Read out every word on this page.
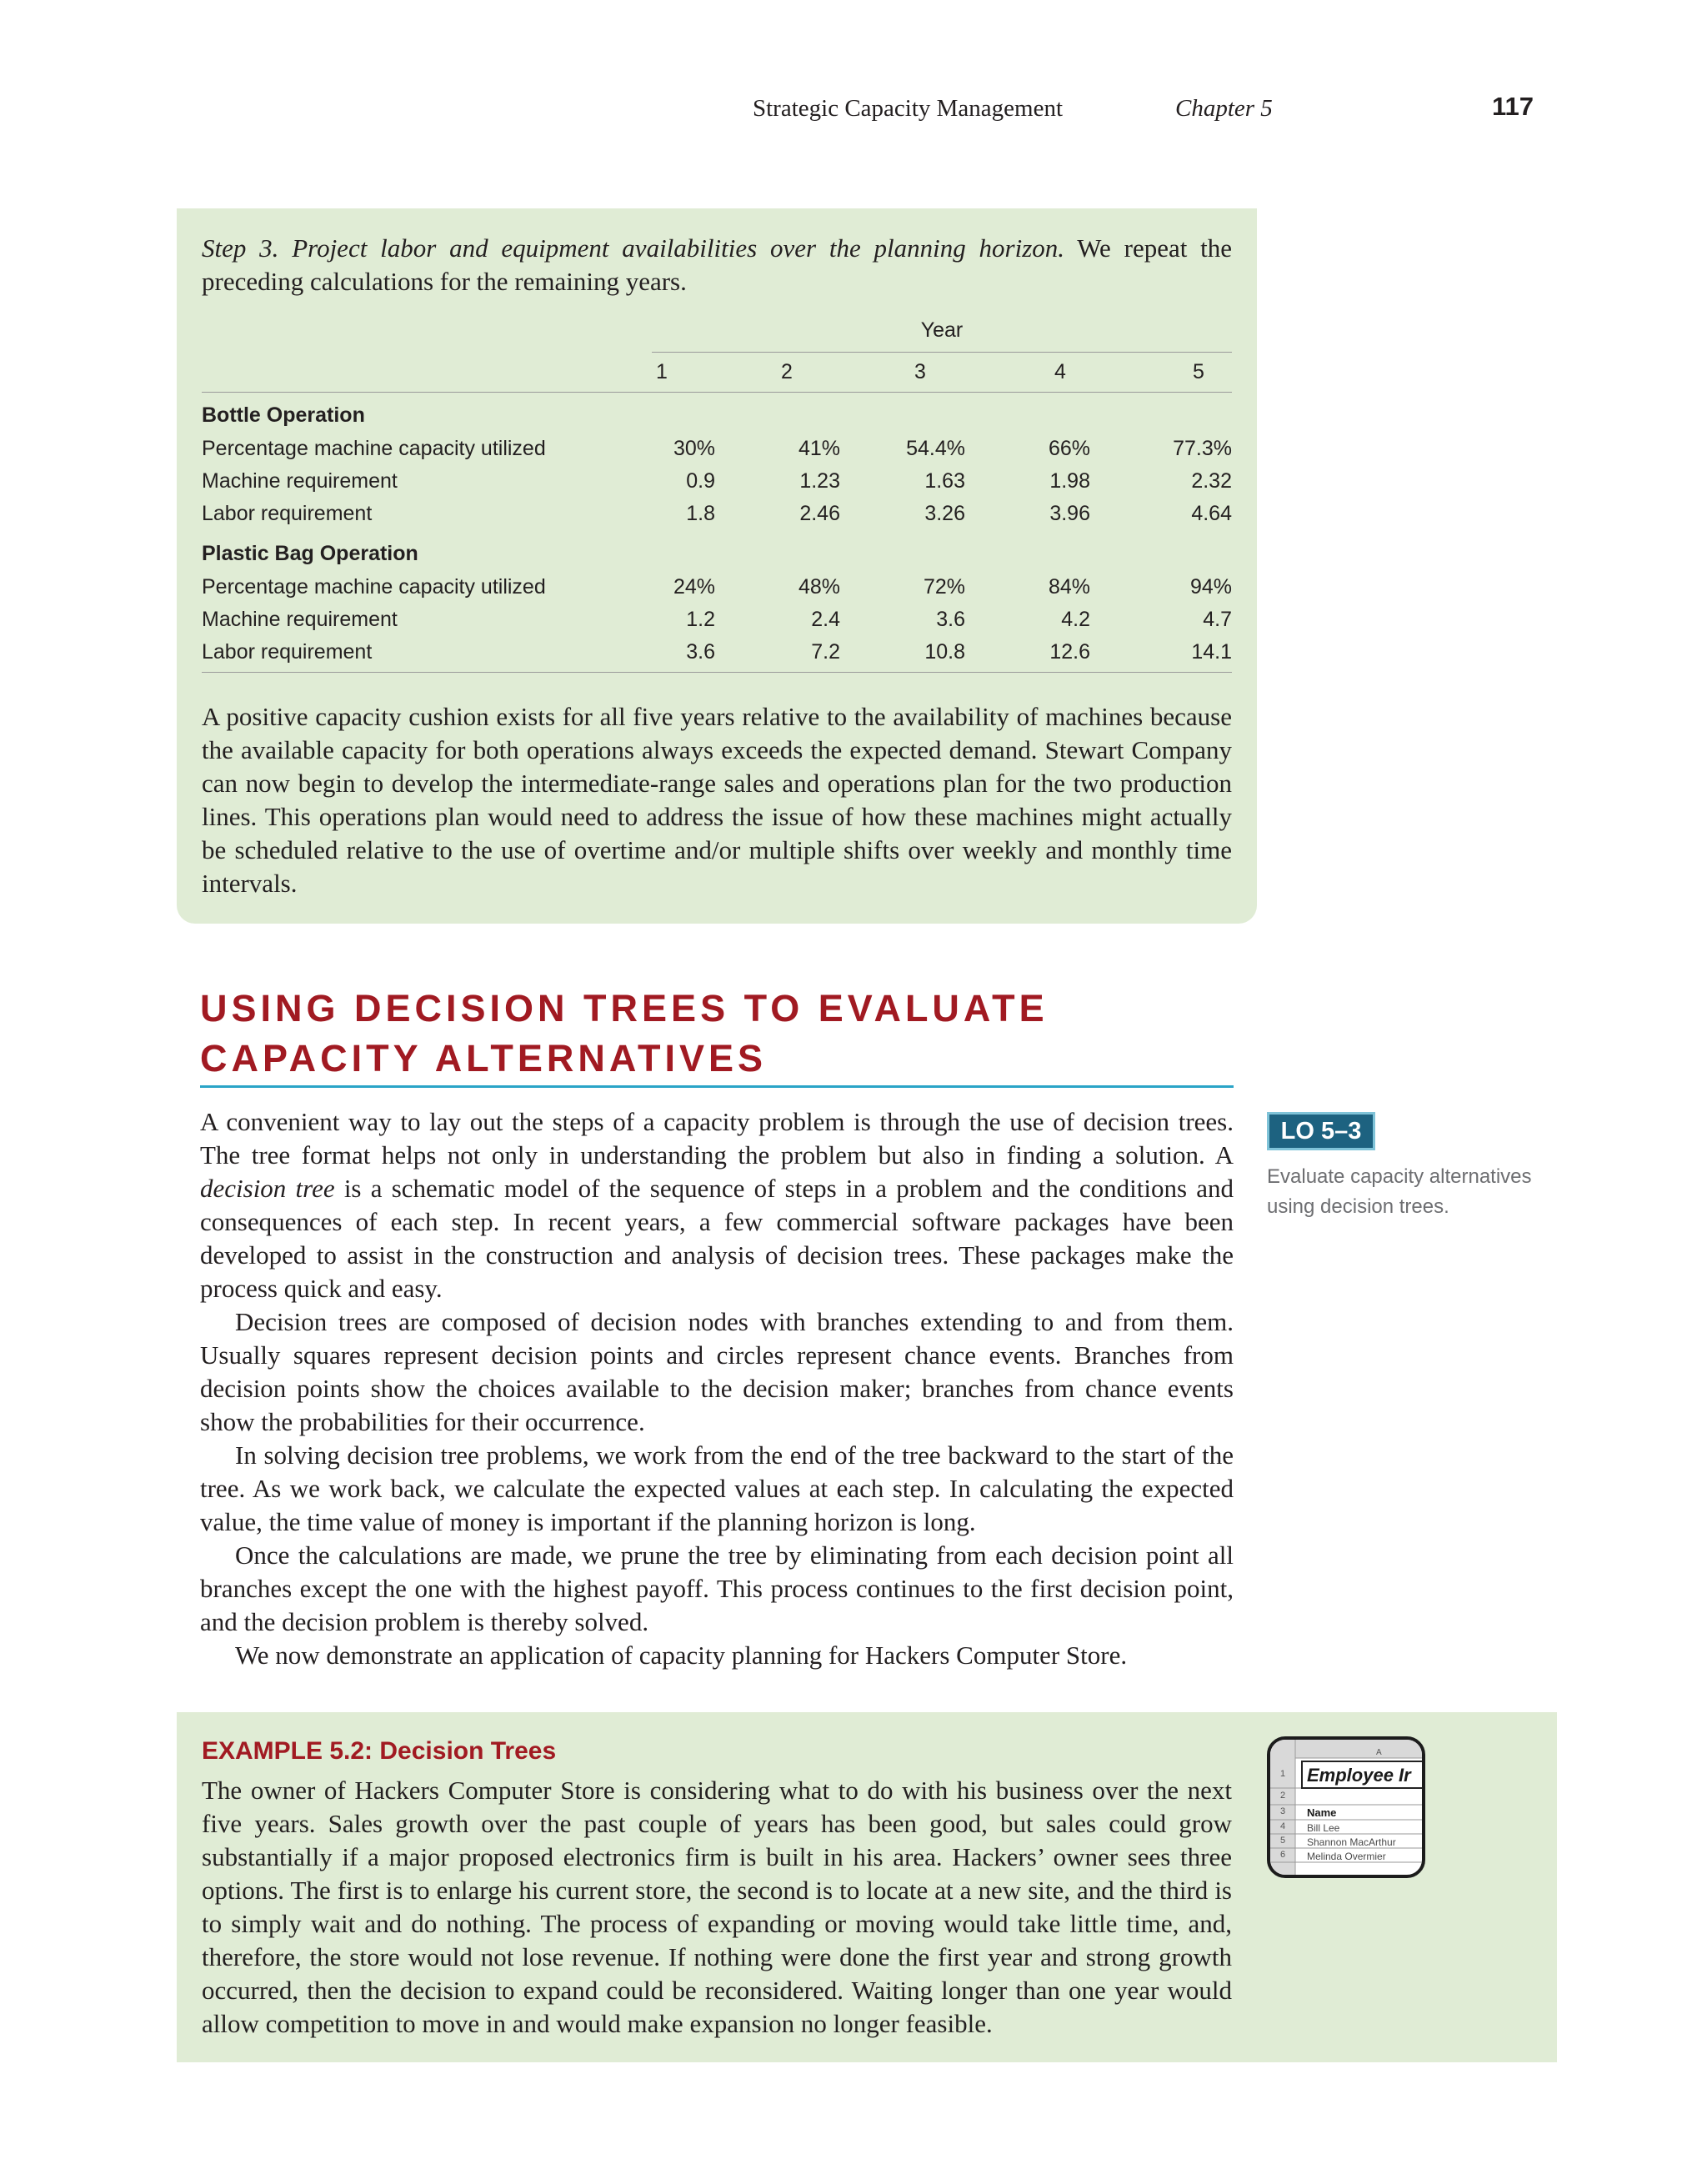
Strategic Capacity Management	Chapter 5	117

Step 3. Project labor and equipment availabilities over the planning horizon. We repeat the preceding calculations for the remaining years.

Year
1	2	3	4	5
Bottle Operation
Percentage machine capacity utilized	30%	41%	54.4%	66%	77.3%
Machine requirement	0.9	1.23	1.63	1.98	2.32
Labor requirement	1.8	2.46	3.26	3.96	4.64
Plastic Bag Operation
Percentage machine capacity utilized	24%	48%	72%	84%	94%
Machine requirement	1.2	2.4	3.6	4.2	4.7
Labor requirement	3.6	7.2	10.8	12.6	14.1

A positive capacity cushion exists for all five years relative to the availability of machines because the available capacity for both operations always exceeds the expected demand. Stewart Company can now begin to develop the intermediate-range sales and operations plan for the two production lines. This operations plan would need to address the issue of how these machines might actually be scheduled relative to the use of overtime and/or multiple shifts over weekly and monthly time intervals.

USING DECISION TREES TO EVALUATE
CAPACITY ALTERNATIVES

A convenient way to lay out the steps of a capacity problem is through the use of decision trees. The tree format helps not only in understanding the problem but also in finding a solution. A decision tree is a schematic model of the sequence of steps in a problem and the conditions and consequences of each step. In recent years, a few commercial software packages have been developed to assist in the construction and analysis of decision trees. These packages make the process quick and easy.

Decision trees are composed of decision nodes with branches extending to and from them. Usually squares represent decision points and circles represent chance events. Branches from decision points show the choices available to the decision maker; branches from chance events show the probabilities for their occurrence.

In solving decision tree problems, we work from the end of the tree backward to the start of the tree. As we work back, we calculate the expected values at each step. In calculating the expected value, the time value of money is important if the planning horizon is long.

Once the calculations are made, we prune the tree by eliminating from each decision point all branches except the one with the highest payoff. This process continues to the first decision point, and the decision problem is thereby solved.

We now demonstrate an application of capacity planning for Hackers Computer Store.

LO 5–3
Evaluate capacity alternatives using decision trees.
EXAMPLE 5.2: Decision Trees

The owner of Hackers Computer Store is considering what to do with his business over the next five years. Sales growth over the past couple of years has been good, but sales could grow substantially if a major proposed electronics firm is built in his area. Hackers’ owner sees three options. The first is to enlarge his current store, the second is to locate at a new site, and the third is to simply wait and do nothing. The process of expanding or moving would take little time, and, therefore, the store would not lose revenue. If nothing were done the first year and strong growth occurred, then the decision to expand could be reconsidered. Waiting longer than one year would allow competition to move in and would make expansion no longer feasible.

A
1
2
3
4
5
6
Employee Ir
Name
Bill Lee
Shannon MacArthur
Melinda Overmier
